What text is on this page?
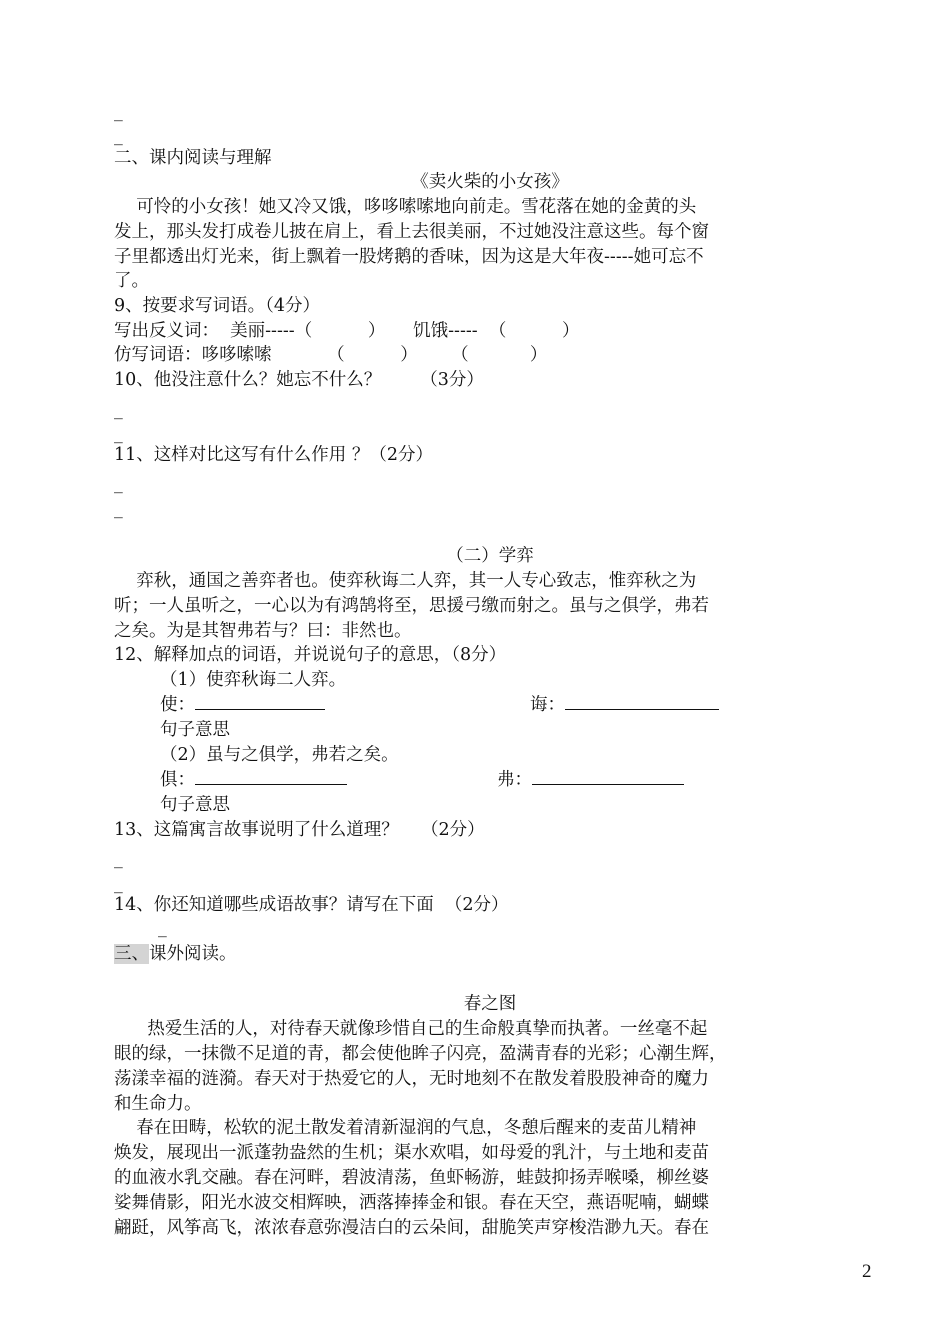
_
_
二、课内阅读与理解
《卖火柴的小女孩》
可怜的小女孩！她又冷又饿，哆哆嗦嗦地向前走。雪花落在她的金黄的头
发上，那头发打成卷儿披在肩上，看上去很美丽，不过她没注意这些。每个窗
子里都透出灯光来，街上飘着一股烤鹅的香味，因为这是大年夜-----她可忘不
了。
9、按要求写词语。（4分）
写出反义词：  美丽-----（          ）     饥饿-----  （          ）
仿写词语：哆哆嗦嗦          （          ）      （           ）
10、他没注意什么？她忘不什么？       （3分）
_
_
11、这样对比这写有什么作用 ？（2分）
_
_
（二）学弈
弈秋，通国之善弈者也。使弈秋诲二人弈，其一人专心致志，惟弈秋之为
听；一人虽听之，一心以为有鸿鹄将至，思援弓缴而射之。虽与之俱学，弗若
之矣。为是其智弗若与？曰：非然也。
12、解释加点的词语，并说说句子的意思，（8分）
（1）使弈秋诲二人弈。
使：	诲：
句子意思
（2）虽与之俱学，弗若之矣。
俱：	弗：
句子意思
13、这篇寓言故事说明了什么道理？    （2分）
_
_
14、你还知道哪些成语故事？请写在下面  （2分）
_
三、课外阅读。
春之图
热爱生活的人，对待春天就像珍惜自己的生命般真挚而执著。一丝毫不起
眼的绿，一抹微不足道的青，都会使他眸子闪亮，盈满青春的光彩；心潮生辉，
荡漾幸福的涟漪。春天对于热爱它的人，无时地刻不在散发着股股神奇的魔力
和生命力。
春在田畴，松软的泥土散发着清新湿润的气息，冬憩后醒来的麦苗儿精神
焕发，展现出一派蓬勃盎然的生机；渠水欢唱，如母爱的乳汁，与土地和麦苗
的血液水乳交融。春在河畔，碧波清荡，鱼虾畅游，蛙鼓抑扬弄喉嗓，柳丝婆
娑舞倩影，阳光水波交相辉映，洒落捧捧金和银。春在天空，燕语呢喃，蝴蝶
翩跹，风筝高飞，浓浓春意弥漫洁白的云朵间，甜脆笑声穿梭浩渺九天。春在
2
